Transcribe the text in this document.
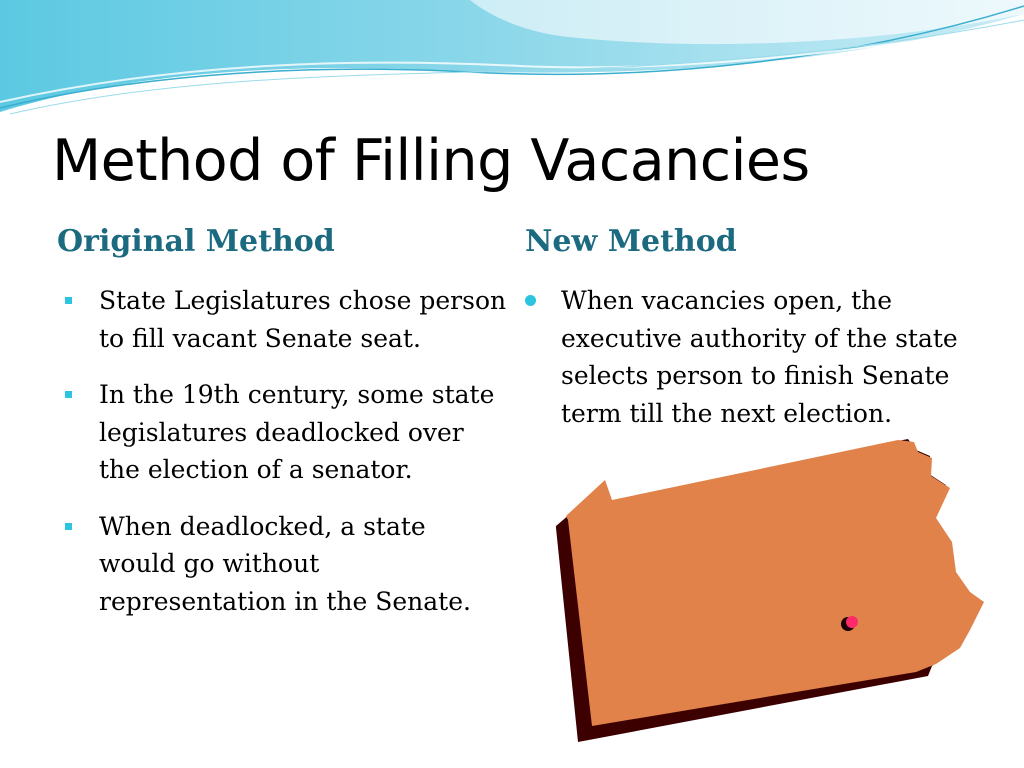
Method of Filling Vacancies
Original Method	New Method
State Legislatures chose person to fill vacant Senate seat.
In the 19th century, some state legislatures deadlocked over the election of a senator.
When deadlocked, a state would go without representation in the Senate.
When vacancies open, the executive authority of the state selects person to finish Senate term till the next election.
